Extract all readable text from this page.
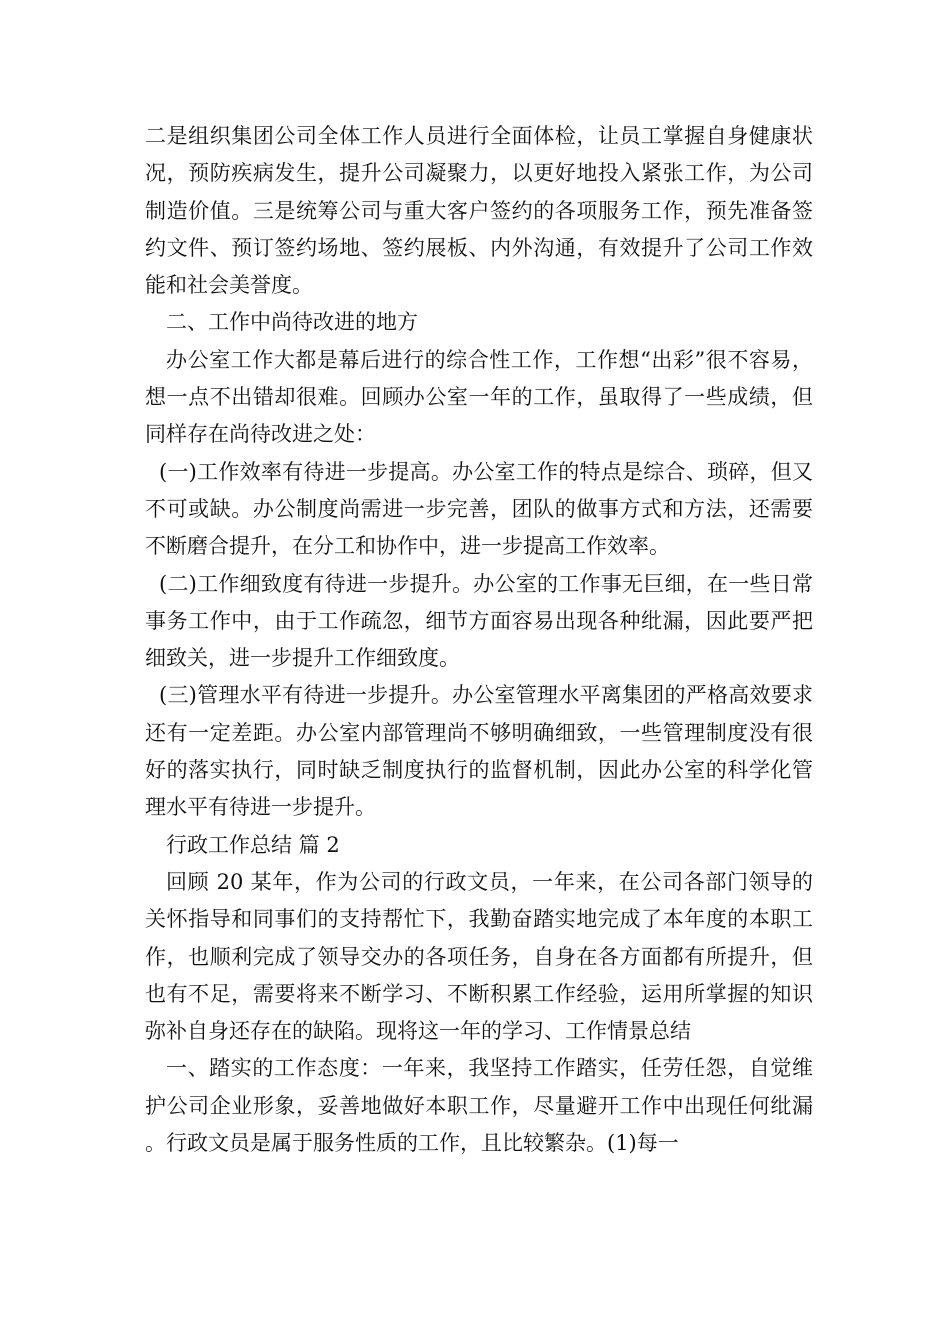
二是组织集团公司全体工作人员进行全面体检，让员工掌握自身健康状况，预防疾病发生，提升公司凝聚力，以更好地投入紧张工作，为公司制造价值。三是统筹公司与重大客户签约的各项服务工作，预先准备签约文件、预订签约场地、签约展板、内外沟通，有效提升了公司工作效能和社会美誉度。

二、工作中尚待改进的地方

办公室工作大都是幕后进行的综合性工作，工作想“出彩”很不容易，想一点不出错却很难。回顾办公室一年的工作，虽取得了一些成绩，但同样存在尚待改进之处：

(一)工作效率有待进一步提高。办公室工作的特点是综合、琐碎，但又不可或缺。办公制度尚需进一步完善，团队的做事方式和方法，还需要不断磨合提升，在分工和协作中，进一步提高工作效率。

(二)工作细致度有待进一步提升。办公室的工作事无巨细，在一些日常事务工作中，由于工作疏忽，细节方面容易出现各种纰漏，因此要严把细致关，进一步提升工作细致度。

(三)管理水平有待进一步提升。办公室管理水平离集团的严格高效要求还有一定差距。办公室内部管理尚不够明确细致，一些管理制度没有很好的落实执行，同时缺乏制度执行的监督机制，因此办公室的科学化管理水平有待进一步提升。

行政工作总结 篇 2

回顾 20 某年，作为公司的行政文员，一年来，在公司各部门领导的关怀指导和同事们的支持帮忙下，我勤奋踏实地完成了本年度的本职工作，也顺利完成了领导交办的各项任务，自身在各方面都有所提升，但也有不足，需要将来不断学习、不断积累工作经验，运用所掌握的知识弥补自身还存在的缺陷。现将这一年的学习、工作情景总结

一、踏实的工作态度：一年来，我坚持工作踏实，任劳任怨，自觉维护公司企业形象，妥善地做好本职工作，尽量避开工作中出现任何纰漏。行政文员是属于服务性质的工作，且比较繁杂。(1)每一
